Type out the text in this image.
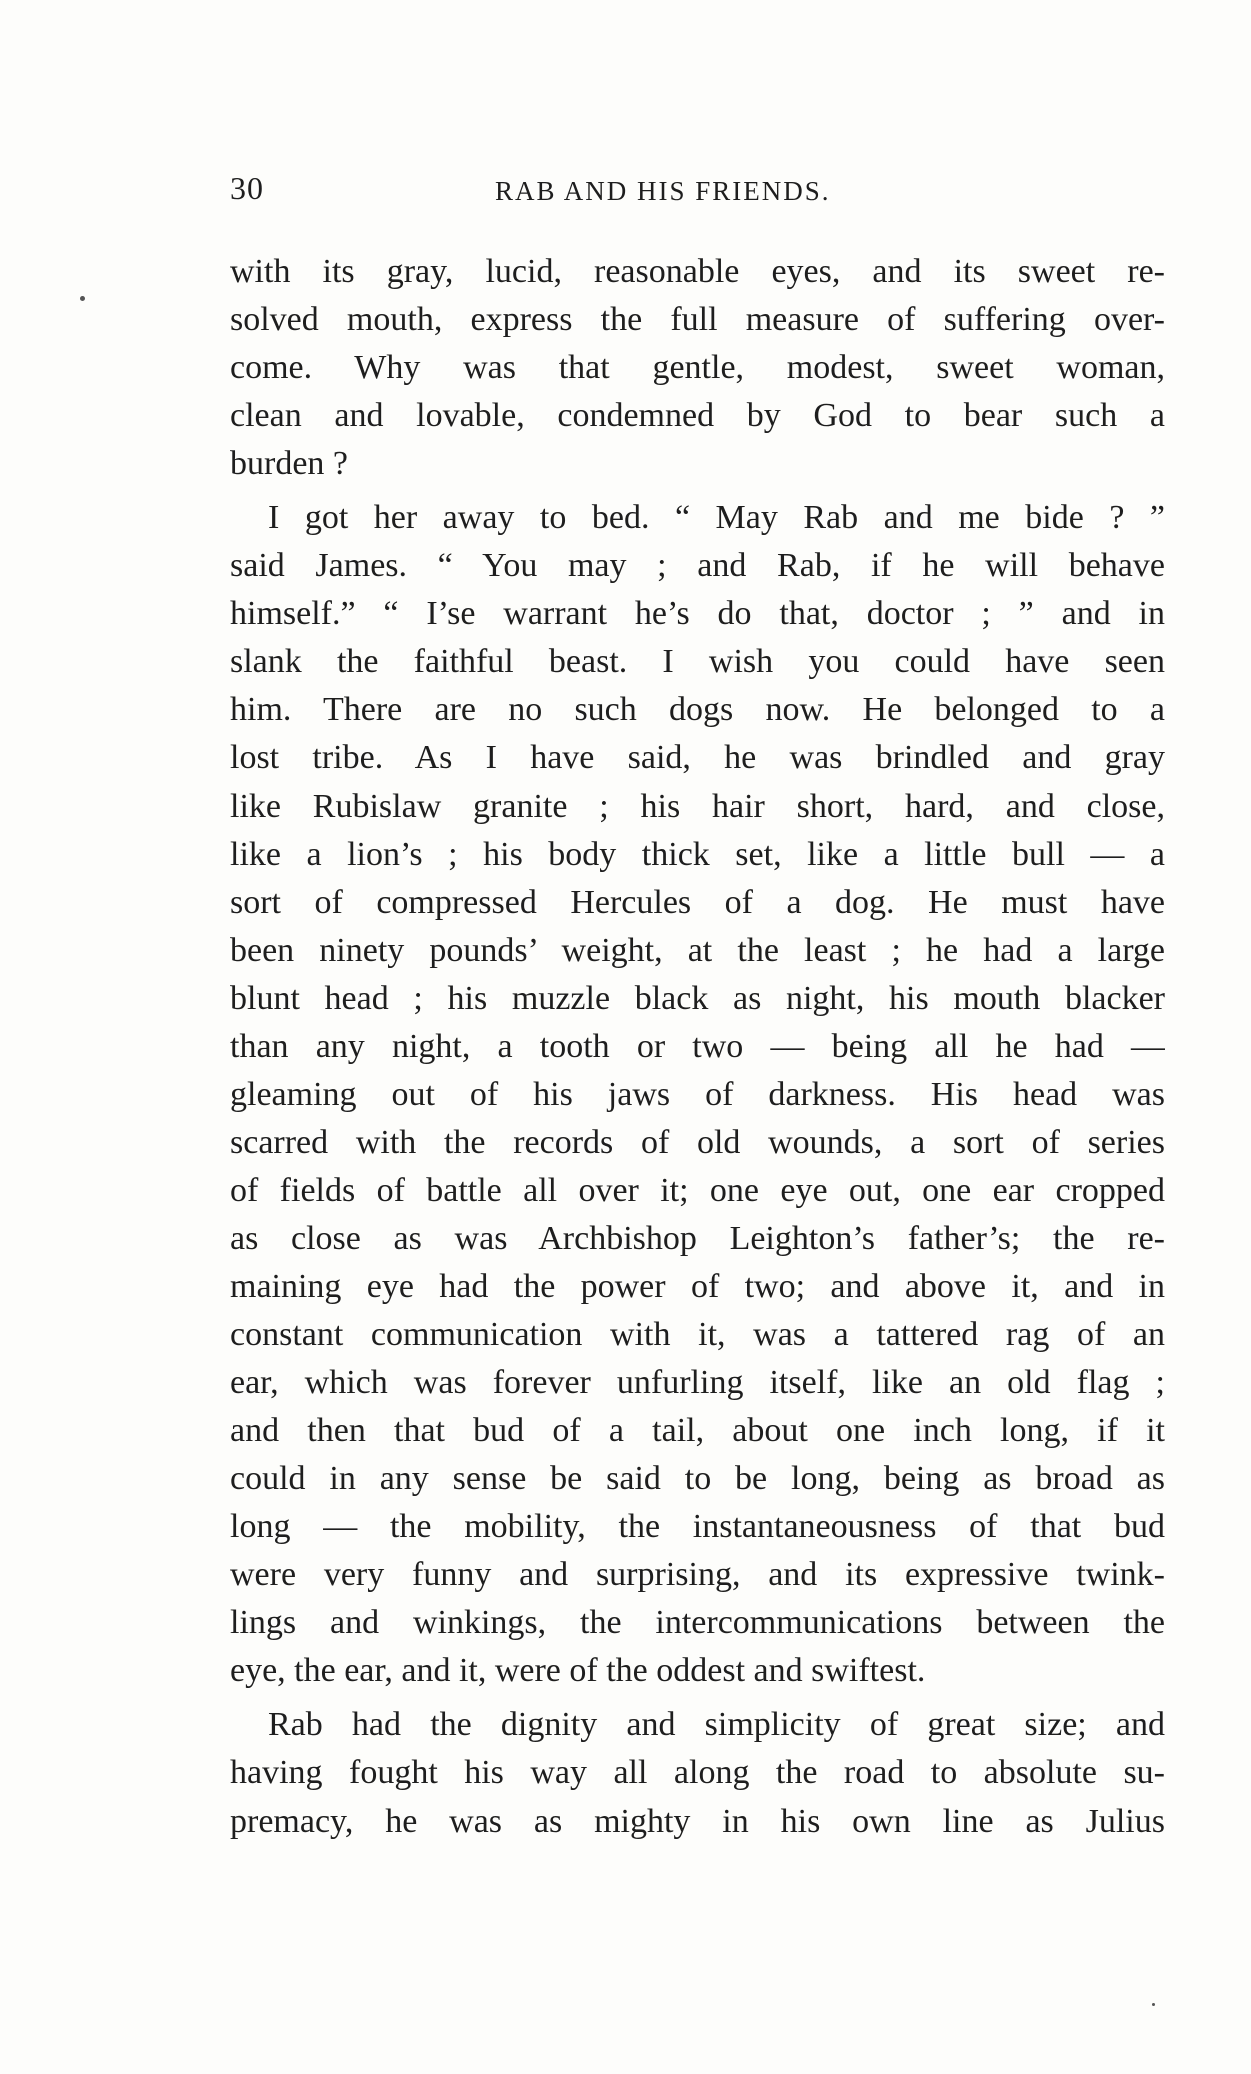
30	RAB AND HIS FRIENDS.
with its gray, lucid, reasonable eyes, and its sweet re-
solved mouth, express the full measure of suffering over-
come. Why was that gentle, modest, sweet woman,
clean and lovable, condemned by God to bear such a
burden ?
I got her away to bed. “ May Rab and me bide ? ”
said James. “ You may ; and Rab, if he will behave
himself.” “ I’se warrant he’s do that, doctor ; ” and in
slank the faithful beast. I wish you could have seen
him. There are no such dogs now. He belonged to a
lost tribe. As I have said, he was brindled and gray
like Rubislaw granite ; his hair short, hard, and close,
like a lion’s ; his body thick set, like a little bull — a
sort of compressed Hercules of a dog. He must have
been ninety pounds’ weight, at the least ; he had a large
blunt head ; his muzzle black as night, his mouth blacker
than any night, a tooth or two — being all he had —
gleaming out of his jaws of darkness. His head was
scarred with the records of old wounds, a sort of series
of fields of battle all over it; one eye out, one ear cropped
as close as was Archbishop Leighton’s father’s; the re-
maining eye had the power of two; and above it, and in
constant communication with it, was a tattered rag of an
ear, which was forever unfurling itself, like an old flag ;
and then that bud of a tail, about one inch long, if it
could in any sense be said to be long, being as broad as
long — the mobility, the instantaneousness of that bud
were very funny and surprising, and its expressive twink-
lings and winkings, the intercommunications between the
eye, the ear, and it, were of the oddest and swiftest.
Rab had the dignity and simplicity of great size; and
having fought his way all along the road to absolute su-
premacy, he was as mighty in his own line as Julius
